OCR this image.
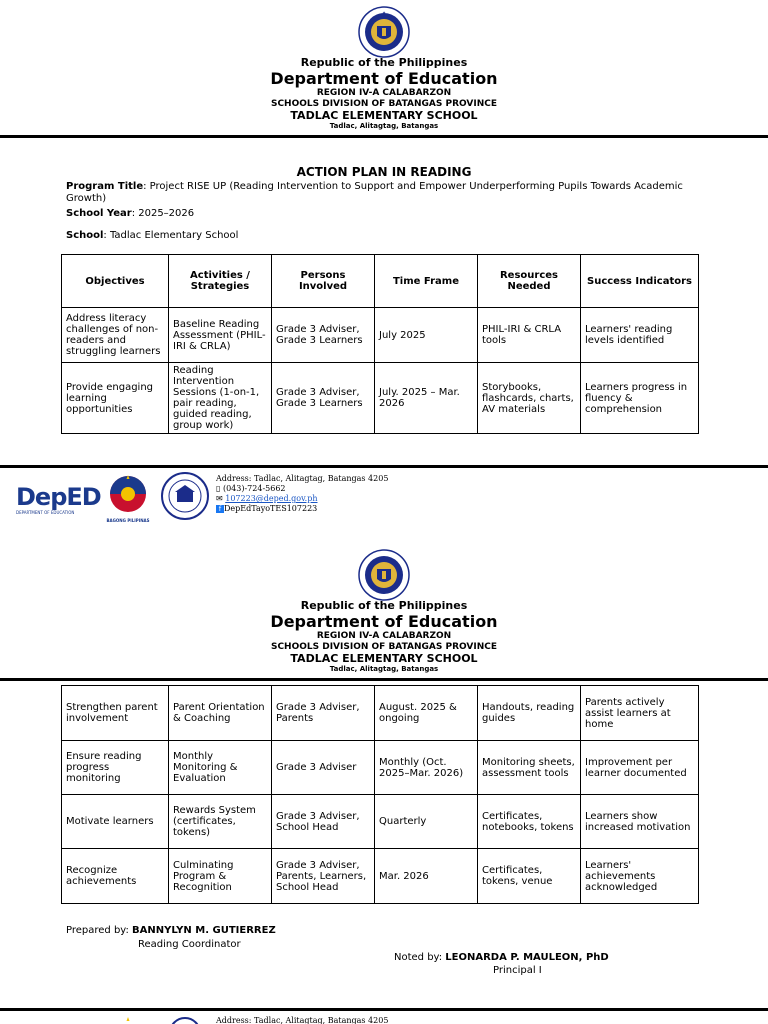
★
Republic of the Philippines
Department of Education
REGION IV-A CALABARZON
SCHOOLS DIVISION OF BATANGAS PROVINCE
TADLAC ELEMENTARY SCHOOL
Tadlac, Alitagtag, Batangas
ACTION PLAN IN READING
Program Title: Project RISE UP (Reading Intervention to Support and Empower Underperforming Pupils Towards Academic Growth)
School Year: 2025–2026
School: Tadlac Elementary School
Objectives	Activities / Strategies	Persons Involved	Time Frame	Resources Needed	Success Indicators
Address literacy challenges of non-readers and struggling learners	Baseline Reading Assessment (PHIL-IRI & CRLA)	Grade 3 Adviser, Grade 3 Learners	July 2025	PHIL-IRI & CRLA tools	Learners' reading levels identified
Provide engaging learning opportunities	Reading Intervention Sessions (1-on-1, pair reading, guided reading, group work)	Grade 3 Adviser, Grade 3 Learners	July. 2025 – Mar. 2026	Storybooks, flashcards, charts, AV materials	Learners progress in fluency & comprehension
DepED
DEPARTMENT OF EDUCATION
BAGONG PILIPINAS
Address: Tadlac, Alitagtag, Batangas 4205
▯ (043)-724-5662
✉ 107223@deped.gov.ph
f DepEdTayoTES107223
Republic of the Philippines
Department of Education
REGION IV-A CALABARZON
SCHOOLS DIVISION OF BATANGAS PROVINCE
TADLAC ELEMENTARY SCHOOL
Tadlac, Alitagtag, Batangas
Strengthen parent involvement	Parent Orientation & Coaching	Grade 3 Adviser, Parents	August. 2025 & ongoing	Handouts, reading guides	Parents actively assist learners at home
Ensure reading progress monitoring	Monthly Monitoring & Evaluation	Grade 3 Adviser	Monthly (Oct. 2025–Mar. 2026)	Monitoring sheets, assessment tools	Improvement per learner documented
Motivate learners	Rewards System (certificates, tokens)	Grade 3 Adviser, School Head	Quarterly	Certificates, notebooks, tokens	Learners show increased motivation
Recognize achievements	Culminating Program & Recognition	Grade 3 Adviser, Parents, Learners, School Head	Mar. 2026	Certificates, tokens, venue	Learners' achievements acknowledged
Prepared by: BANNYLYN M. GUTIERREZ
Reading Coordinator
Noted by: LEONARDA P. MAULEON, PhD
Principal I
Address: Tadlac, Alitagtag, Batangas 4205
